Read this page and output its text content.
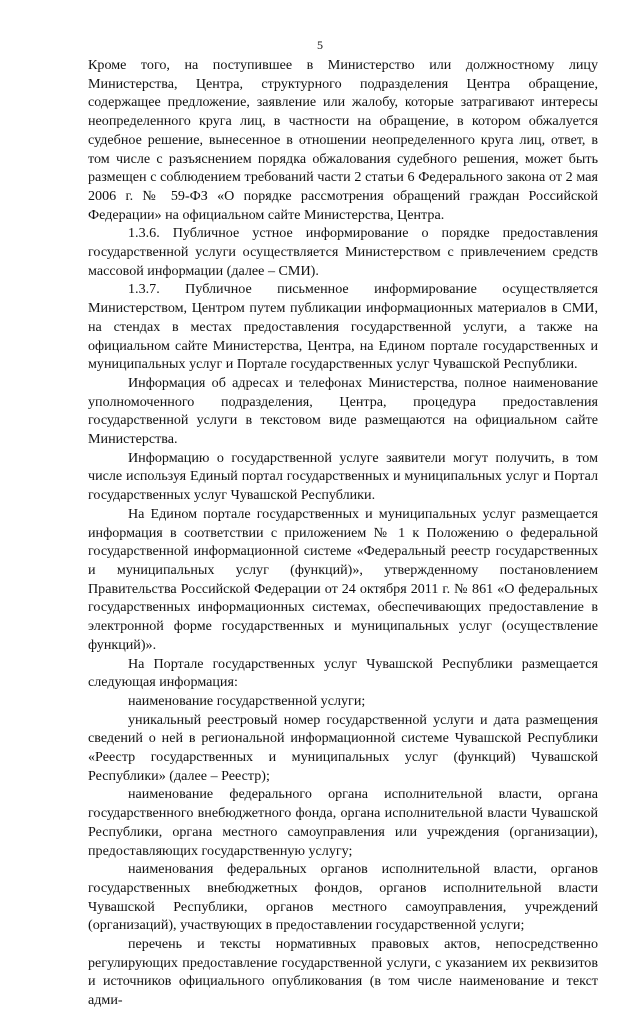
5

Кроме того, на поступившее в Министерство или должностному лицу Министерства, Центра, структурного подразделения Центра обращение, содержащее предложение, заявление или жалобу, которые затрагивают интересы неопределенного круга лиц, в частности на обращение, в котором обжалуется судебное решение, вынесенное в отношении неопределенного круга лиц, ответ, в том числе с разъяснением порядка обжалования судебного решения, может быть размещен с соблюдением требований части 2 статьи 6 Федерального закона от 2 мая 2006 г. № 59-ФЗ «О порядке рассмотрения обращений граждан Российской Федерации» на официальном сайте Министерства, Центра.

1.3.6. Публичное устное информирование о порядке предоставления государственной услуги осуществляется Министерством с привлечением средств массовой информации (далее – СМИ).

1.3.7. Публичное письменное информирование осуществляется Министерством, Центром путем публикации информационных материалов в СМИ, на стендах в местах предоставления государственной услуги, а также на официальном сайте Министерства, Центра, на Едином портале государственных и муниципальных услуг и Портале государственных услуг Чувашской Республики.

Информация об адресах и телефонах Министерства, полное наименование уполномоченного подразделения, Центра, процедура предоставления государственной услуги в текстовом виде размещаются на официальном сайте Министерства.

Информацию о государственной услуге заявители могут получить, в том числе используя Единый портал государственных и муниципальных услуг и Портал государственных услуг Чувашской Республики.

На Едином портале государственных и муниципальных услуг размещается информация в соответствии с приложением № 1 к Положению о федеральной государственной информационной системе «Федеральный реестр государственных и муниципальных услуг (функций)», утвержденному постановлением Правительства Российской Федерации от 24 октября 2011 г. № 861 «О федеральных государственных информационных системах, обеспечивающих предоставление в электронной форме государственных и муниципальных услуг (осуществление функций)».

На Портале государственных услуг Чувашской Республики размещается следующая информация:

наименование государственной услуги;

уникальный реестровый номер государственной услуги и дата размещения сведений о ней в региональной информационной системе Чувашской Республики «Реестр государственных и муниципальных услуг (функций) Чувашской Республики» (далее – Реестр);

наименование федерального органа исполнительной власти, органа государственного внебюджетного фонда, органа исполнительной власти Чувашской Республики, органа местного самоуправления или учреждения (организации), предоставляющих государственную услугу;

наименования федеральных органов исполнительной власти, органов государственных внебюджетных фондов, органов исполнительной власти Чувашской Республики, органов местного самоуправления, учреждений (организаций), участвующих в предоставлении государственной услуги;

перечень и тексты нормативных правовых актов, непосредственно регулирующих предоставление государственной услуги, с указанием их реквизитов и источников официального опубликования (в том числе наименование и текст адми-
